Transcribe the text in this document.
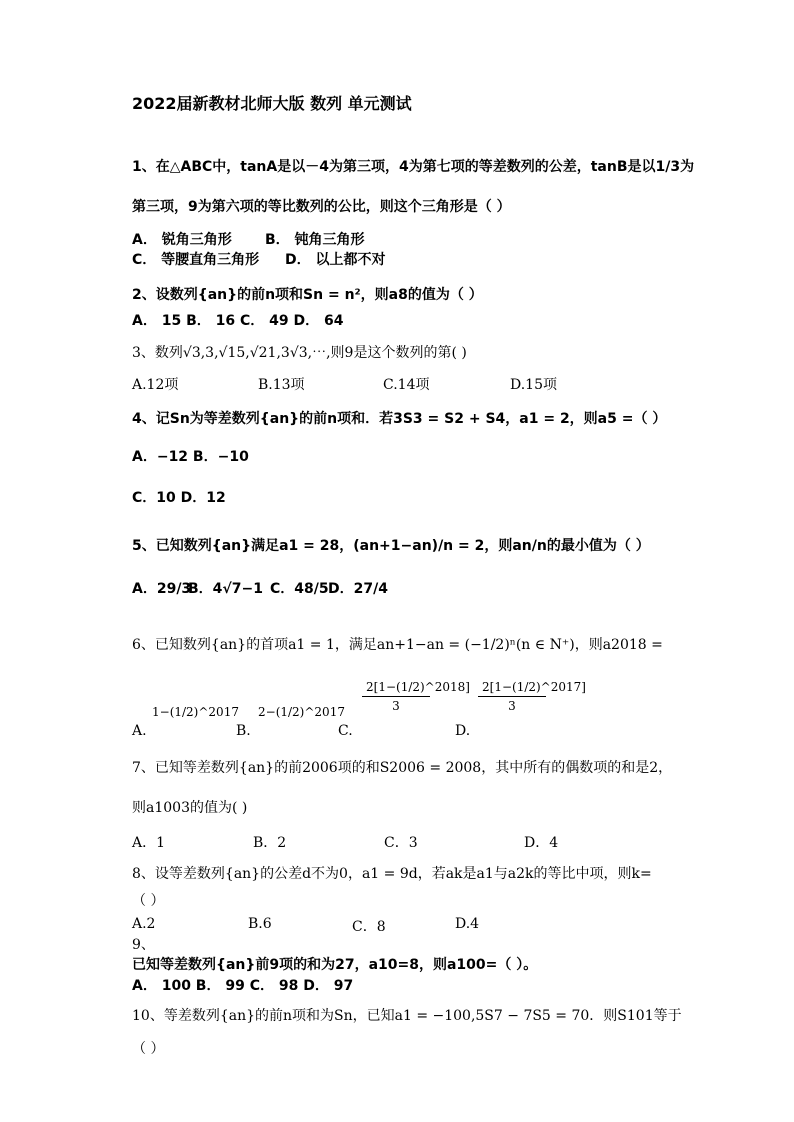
2022届新教材北师大版 数列 单元测试
1、在△ABC中，tanA是以－4为第三项，4为第七项的等差数列的公差，tanB是以1/3为
第三项，9为第六项的等比数列的公比，则这个三角形是（ ）
A． 锐角三角形 B． 钝角三角形
C． 等腰直角三角形 D． 以上都不对
2、设数列{an}的前n项和Sn = n²，则a8的值为（ ）
A． 15 B． 16 C． 49 D． 64
3、数列√3,3,√15,√21,3√3,⋯,则9是这个数列的第( )
A.12项	B.13项	C.14项	D.15项
4、记Sn为等差数列{an}的前n项和．若3S3 = S2 + S4，a1 = 2，则a5 =（ ）
A．−12 B．−10
C．10 D．12
5、已知数列{an}满足a1 = 28，(an+1−an)/n = 2，则an/n的最小值为（ ）
A．29/3
B．4√7−1 C．48/5 D．27/4
6、已知数列{an}的首项a1 = 1，满足an+1−an = (−1/2)ⁿ(n ∈ N⁺)，则a2018 =
A.
1−(1/2)^2017
B.
2−(1/2)^2017
C.
$\frac{2[1-(1/2)\^{}2018]}{3}$
D.
$\frac{2[1-(1/2)\^{}2017]}{3}$
7、已知等差数列{an}的前2006项的和S2006 = 2008，其中所有的偶数项的和是2，
则a1003的值为( )
A．1	B．2	C．3	D．4
8、设等差数列{an}的公差d不为0，a1 = 9d，若ak是a1与a2k的等比中项，则k=
（ ）
A.2	B.6	C．8	D.4
9、
已知等差数列{an}前9项的和为27，a10=8，则a100=（ ）。
A． 100 B． 99 C． 98 D． 97
10、等差数列{an}的前n项和为Sn，已知a1 = −100,5S7 − 7S5 = 70．则S101等于
（ ）
